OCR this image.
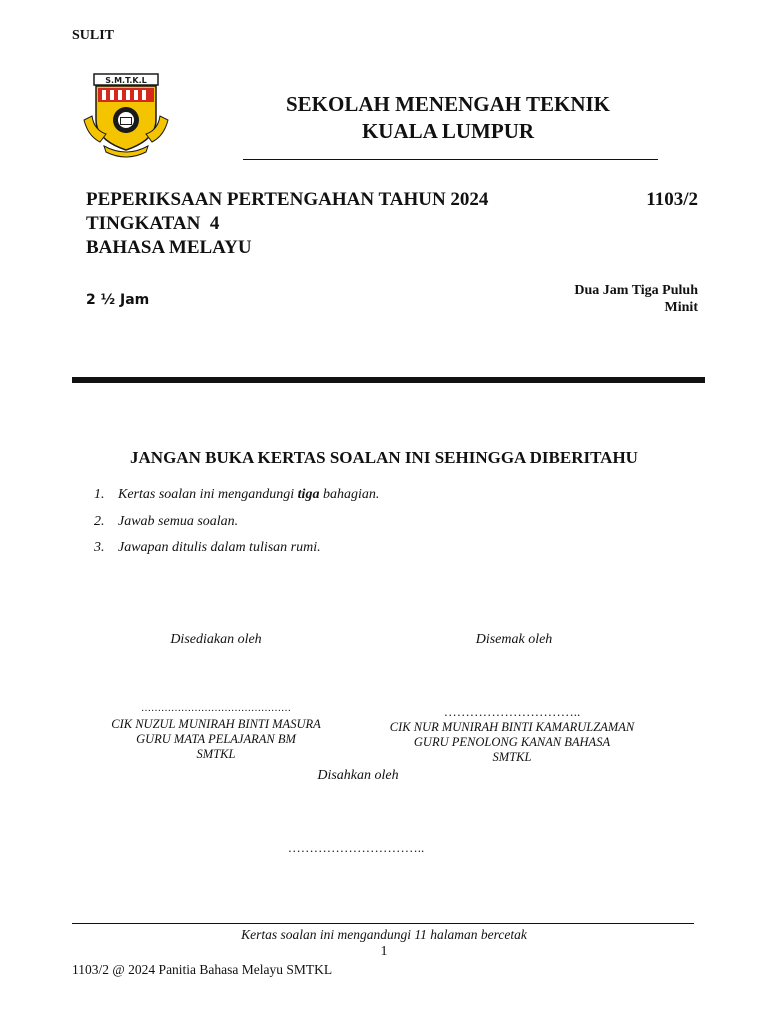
SULIT
S.M.T.K.L
SEKOLAH MENENGAH TEKNIK
KUALA LUMPUR
PEPERIKSAAN PERTENGAHAN TAHUN 2024
TINGKATAN  4
BAHASA MELAYU
1103/2
2 ½ Jam
Dua Jam Tiga Puluh
Minit
JANGAN BUKA KERTAS SOALAN INI SEHINGGA DIBERITAHU
1. Kertas soalan ini mengandungi tiga bahagian.
2. Jawab semua soalan.
3. Jawapan ditulis dalam tulisan rumi.
Disediakan oleh	Disemak oleh
………………………………………	…………………………..
CIK NUZUL MUNIRAH BINTI MASURA
GURU MATA PELAJARAN BM
SMTKL
CIK NUR MUNIRAH BINTI KAMARULZAMAN
GURU PENOLONG KANAN BAHASA
SMTKL
Disahkan oleh
…………………………..
Kertas soalan ini mengandungi 11 halaman bercetak
1
1103/2 @ 2024 Panitia Bahasa Melayu SMTKL
